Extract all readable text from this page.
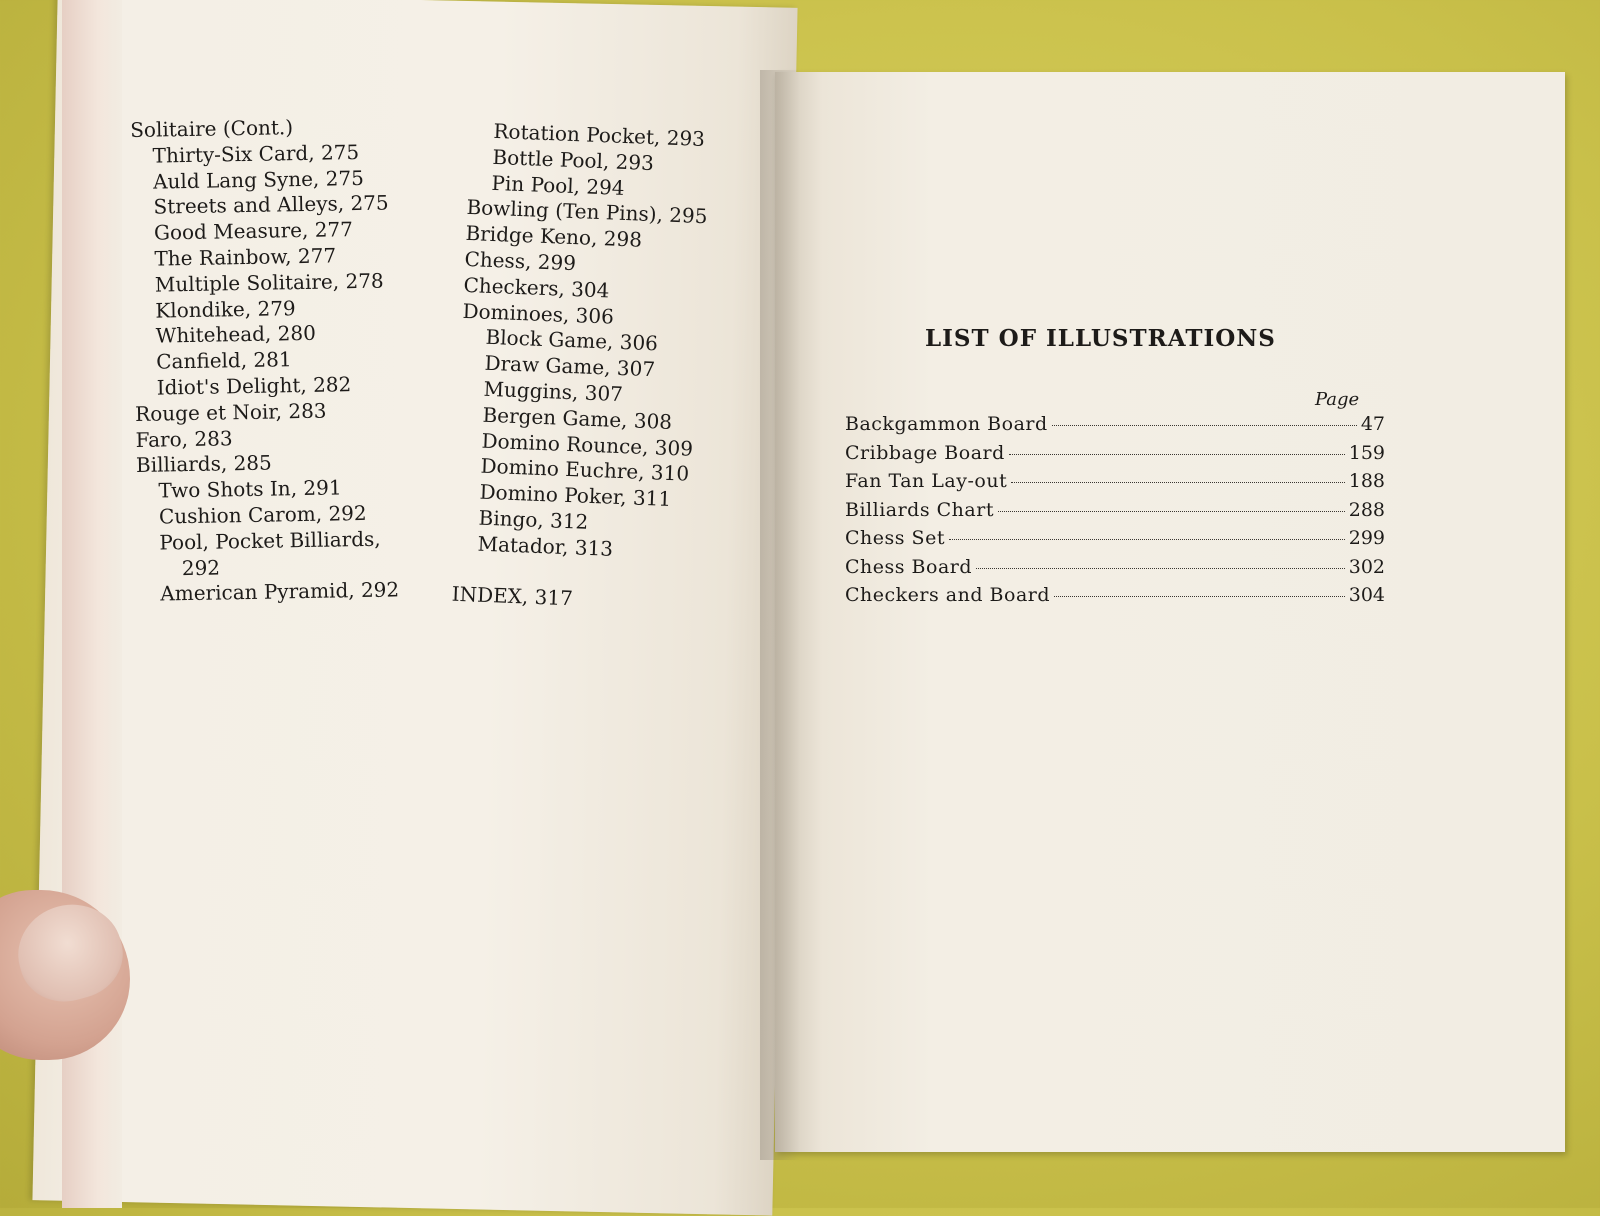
Solitaire (Cont.)
Thirty-Six Card, 275
Auld Lang Syne, 275
Streets and Alleys, 275
Good Measure, 277
The Rainbow, 277
Multiple Solitaire, 278
Klondike, 279
Whitehead, 280
Canfield, 281
Idiot's Delight, 282
Rouge et Noir, 283
Faro, 283
Billiards, 285
Two Shots In, 291
Cushion Carom, 292
Pool, Pocket Billiards,
292
American Pyramid, 292
Rotation Pocket, 293
Bottle Pool, 293
Pin Pool, 294
Bowling (Ten Pins), 295
Bridge Keno, 298
Chess, 299
Checkers, 304
Dominoes, 306
Block Game, 306
Draw Game, 307
Muggins, 307
Bergen Game, 308
Domino Rounce, 309
Domino Euchre, 310
Domino Poker, 311
Bingo, 312
Matador, 313
INDEX, 317
LIST OF ILLUSTRATIONS
Page
Backgammon Board	47
Cribbage Board	159
Fan Tan Lay-out	188
Billiards Chart	288
Chess Set	299
Chess Board	302
Checkers and Board	304
